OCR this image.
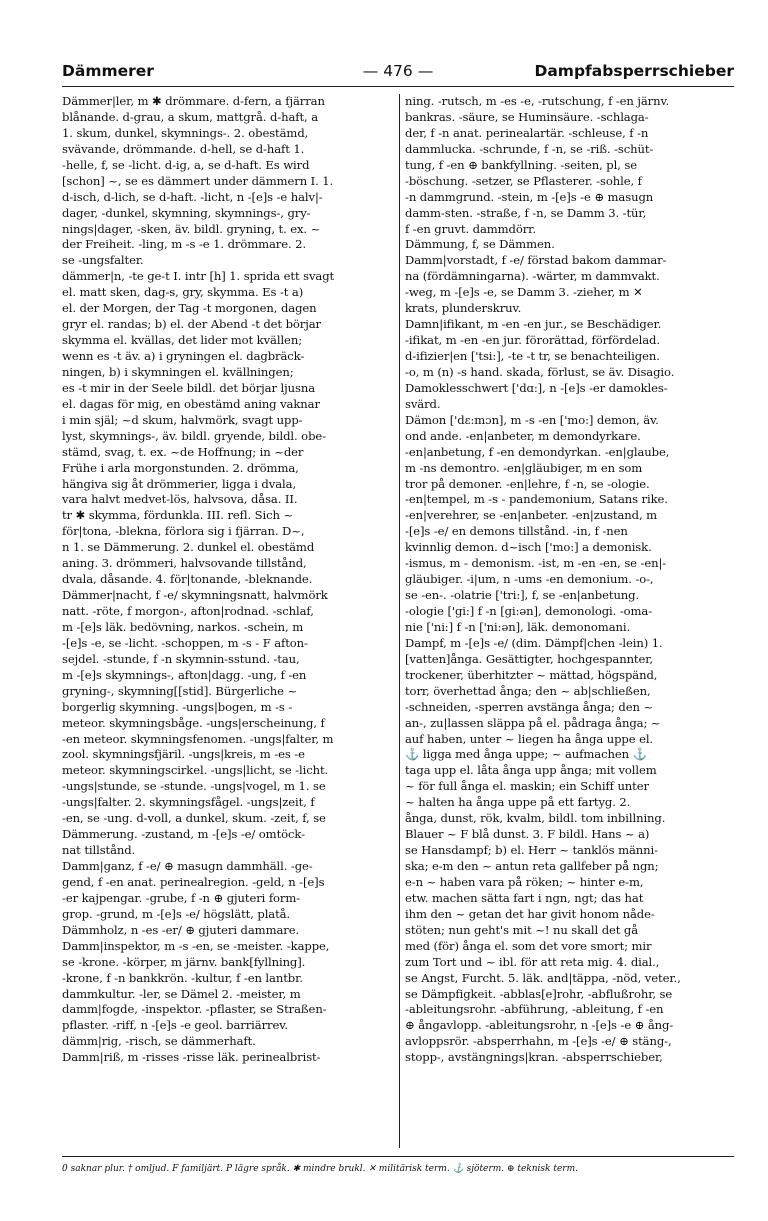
Dämmerer	— 476 —	Dampfabsperrschieber
Dämmer|ler, m ✱ drömmare. d-fern, a fjärran
blånande. d-grau, a skum, mattgrå. d-haft, a
1. skum, dunkel, skymnings-. 2. obestämd,
svävande, drömmande. d-hell, se d-haft 1.
-helle, f, se -licht. d-ig, a, se d-haft. Es wird
[schon] ~, se es dämmert under dämmern I. 1.
d-isch, d-lich, se d-haft. -licht, n -[e]s -e halv|-
dager, -dunkel, skymning, skymnings-, gry-
nings|dager, -sken, äv. bildl. gryning, t. ex. ~
der Freiheit. -ling, m -s -e 1. drömmare. 2.
se -ungsfalter.
dämmer|n, -te ge-t I. intr [h] 1. sprida ett svagt
el. matt sken, dag-s, gry, skymma. Es -t a)
el. der Morgen, der Tag -t morgonen, dagen
gryr el. randas; b) el. der Abend -t det börjar
skymma el. kvällas, det lider mot kvällen;
wenn es -t äv. a) i gryningen el. dagbräck-
ningen, b) i skymningen el. kvällningen;
es -t mir in der Seele bildl. det börjar ljusna
el. dagas för mig, en obestämd aning vaknar
i min själ; ~d skum, halvmörk, svagt upp-
lyst, skymnings-, äv. bildl. gryende, bildl. obe-
stämd, svag, t. ex. ~de Hoffnung; in ~der
Frühe i arla morgonstunden. 2. drömma,
hängiva sig åt drömmerier, ligga i dvala,
vara halvt medvet-lös, halvsova, dåsa. II.
tr ✱ skymma, fördunkla. III. refl. Sich ~
för|tona, -blekna, förlora sig i fjärran. D~,
n 1. se Dämmerung. 2. dunkel el. obestämd
aning. 3. drömmeri, halvsovande tillstånd,
dvala, dåsande. 4. för|tonande, -bleknande.
Dämmer|nacht, f -e/ skymningsnatt, halvmörk
natt. -röte, f morgon-, afton|rodnad. -schlaf,
m -[e]s läk. bedövning, narkos. -schein, m
-[e]s -e, se -licht. -schoppen, m -s - F afton-
sejdel. -stunde, f -n skymnin-sstund. -tau,
m -[e]s skymnings-, afton|dagg. -ung, f -en
gryning-, skymning[[stid]. Bürgerliche ~
borgerlig skymning. -ungs|bogen, m -s -
meteor. skymningsbåge. -ungs|erscheinung, f
-en meteor. skymningsfenomen. -ungs|falter, m
zool. skymningsfjäril. -ungs|kreis, m -es -e
meteor. skymningscirkel. -ungs|licht, se -licht.
-ungs|stunde, se -stunde. -ungs|vogel, m 1. se
-ungs|falter. 2. skymningsfågel. -ungs|zeit, f
-en, se -ung. d-voll, a dunkel, skum. -zeit, f, se
Dämmerung. -zustand, m -[e]s -e/ omtöck-
nat tillstånd.
Damm|ganz, f -e/ ⊕ masugn dammhäll. -ge-
gend, f -en anat. perinealregion. -geld, n -[e]s
-er kajpengar. -grube, f -n ⊕ gjuteri form-
grop. -grund, m -[e]s -e/ högslätt, platå.
Dämmholz, n -es -er/ ⊕ gjuteri dammare.
Damm|inspektor, m -s -en, se -meister. -kappe,
se -krone. -körper, m järnv. bank[fyllning].
-krone, f -n bankkrön. -kultur, f -en lantbr.
dammkultur. -ler, se Dämel 2. -meister, m
damm|fogde, -inspektor. -pflaster, se Straßen-
pflaster. -riff, n -[e]s -e geol. barriärrev.
dämm|rig, -risch, se dämmerhaft.
Damm|riß, m -risses -risse läk. perinealbrist-
ning. -rutsch, m -es -e, -rutschung, f -en järnv.
bankras. -säure, se Huminsäure. -schlaga-
der, f -n anat. perinealartär. -schleuse, f -n
dammlucka. -schrunde, f -n, se -riß. -schüt-
tung, f -en ⊕ bankfyllning. -seiten, pl, se
-böschung. -setzer, se Pflasterer. -sohle, f
-n dammgrund. -stein, m -[e]s -e ⊕ masugn
damm-sten. -straße, f -n, se Damm 3. -tür,
f -en gruvt. dammdörr.
Dämmung, f, se Dämmen.
Damm|vorstadt, f -e/ förstad bakom dammar-
na (fördämningarna). -wärter, m dammvakt.
-weg, m -[e]s -e, se Damm 3. -zieher, m ✕
krats, plunderskruv.
Damn|ifikant, m -en -en jur., se Beschädiger.
-ifikat, m -en -en jur. förorättad, förfördelad.
d-ifizier|en ['tsi:], -te -t tr, se benachteiligen.
-o, m (n) -s hand. skada, förlust, se äv. Disagio.
Damoklesschwert ['dɑ:], n -[e]s -er damokles-
svärd.
Dämon ['dɛ:mɔn], m -s -en ['mo:] demon, äv.
ond ande. -en|anbeter, m demondyrkare.
-en|anbetung, f -en demondyrkan. -en|glaube,
m -ns demontro. -en|gläubiger, m en som
tror på demoner. -en|lehre, f -n, se -ologie.
-en|tempel, m -s - pandemonium, Satans rike.
-en|verehrer, se -en|anbeter. -en|zustand, m
-[e]s -e/ en demons tillstånd. -in, f -nen
kvinnlig demon. d~isch ['mo:] a demonisk.
-ismus, m - demonism. -ist, m -en -en, se -en|-
gläubiger. -i|um, n -ums -en demonium. -o-,
se -en-. -olatrie ['tri:], f, se -en|anbetung.
-ologie ['gi:] f -n [gi:ən], demonologi. -oma-
nie ['ni:] f -n ['ni:ən], läk. demonomani.
Dampf, m -[e]s -e/ (dim. Dämpf|chen -lein) 1.
[vatten]ånga. Gesättigter, hochgespannter,
trockener, überhitzter ~ mättad, högspänd,
torr, överhettad ånga; den ~ ab|schließen,
-schneiden, -sperren avstänga ånga; den ~
an-, zu|lassen släppa på el. pådraga ånga; ~
auf haben, unter ~ liegen ha ånga uppe el.
⚓ ligga med ånga uppe; ~ aufmachen ⚓
taga upp el. låta ånga upp ånga; mit vollem
~ för full ånga el. maskin; ein Schiff unter
~ halten ha ånga uppe på ett fartyg. 2.
ånga, dunst, rök, kvalm, bildl. tom inbillning.
Blauer ~ F blå dunst. 3. F bildl. Hans ~ a)
se Hansdampf; b) el. Herr ~ tanklös männi-
ska; e-m den ~ antun reta gallfeber på ngn;
e-n ~ haben vara på röken; ~ hinter e-m,
etw. machen sätta fart i ngn, ngt; das hat
ihm den ~ getan det har givit honom nåde-
stöten; nun geht's mit ~! nu skall det gå
med (för) ånga el. som det vore smort; mir
zum Tort und ~ ibl. för att reta mig. 4. dial.,
se Angst, Furcht. 5. läk. and|täppa, -nöd, veter.,
se Dämpfigkeit. -abblas[e]rohr, -abflußrohr, se
-ableitungsrohr. -abführung, -ableitung, f -en
⊕ ångavlopp. -ableitungsrohr, n -[e]s -e ⊕ ång-
avloppsrör. -absperrhahn, m -[e]s -e/ ⊕ stäng-,
stopp-, avstängnings|kran. -absperrschieber,
0 saknar plur. † omljud. F familjärt. P lägre språk. ✱ mindre brukl. ✕ militärisk term. ⚓ sjöterm. ⊕ teknisk term.
